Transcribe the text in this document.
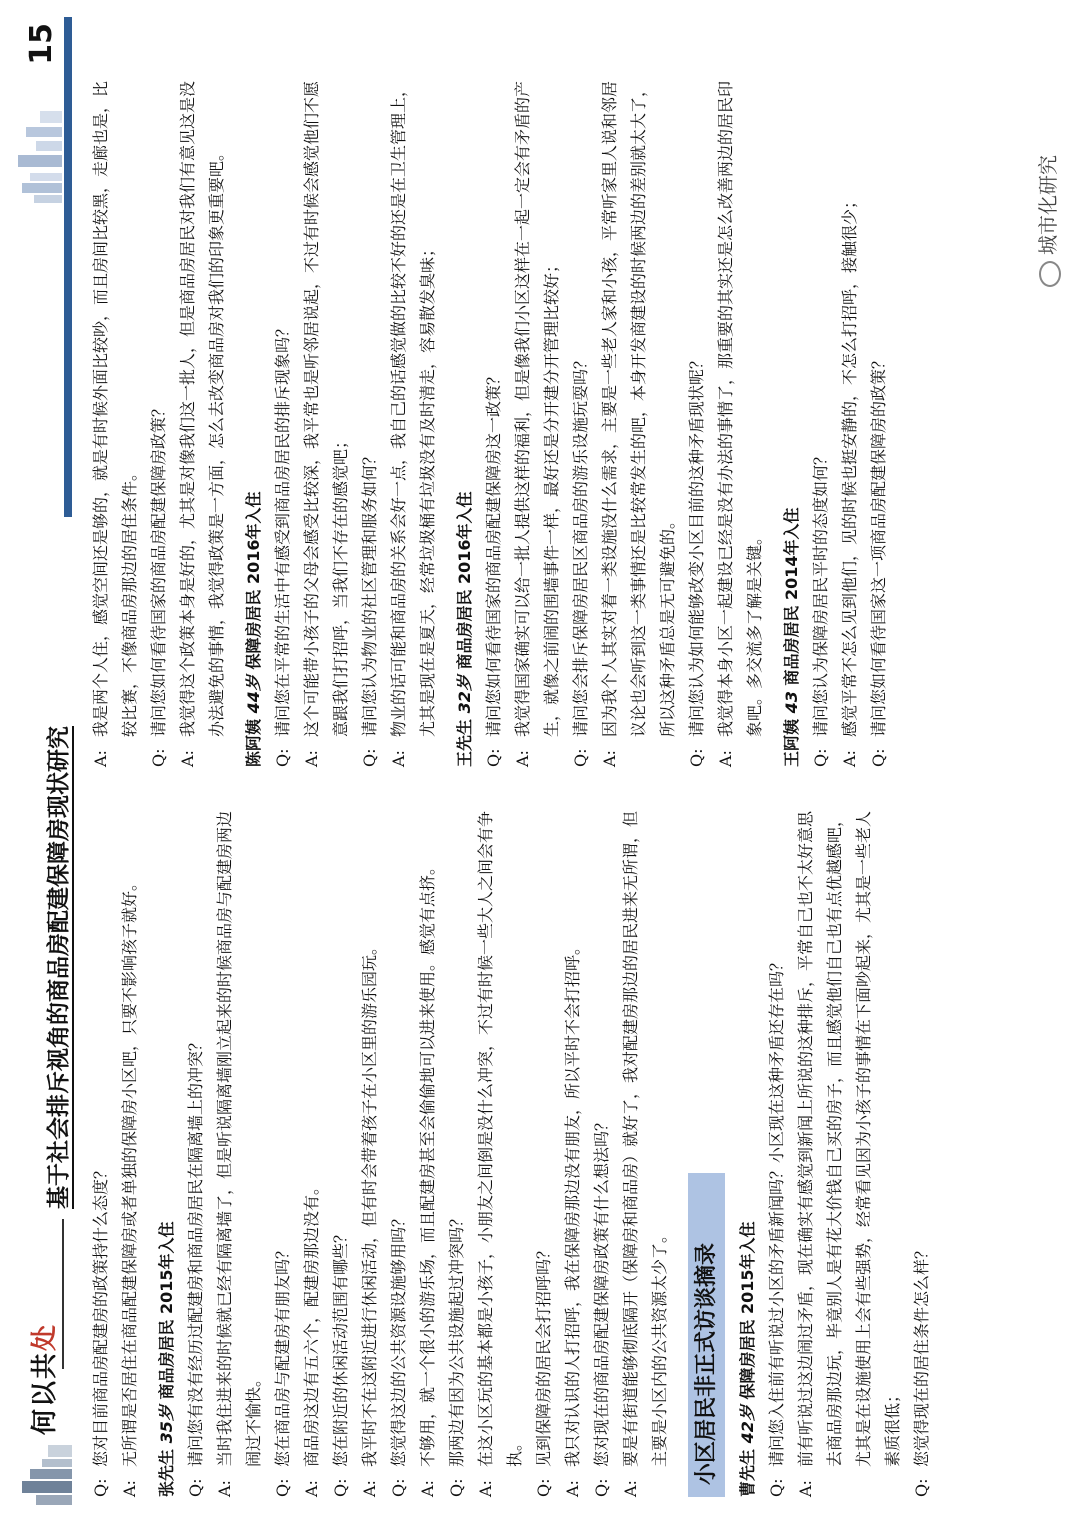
何以共处
基于社会排斥视角的商品房配建保障房现状研究
15
Q:
您对目前商品房配建房的政策持什么态度？
A:
无所谓是否居住在商品配建保障房或者单独的保障房小区吧，只要不影响孩子就好。
张先生 35岁 商品房居民 2015年入住
Q:
请问您有没有经历过配建房和商品房居民在隔离墙上的冲突？
A:
当时我住进来的时候就已经有隔离墙了，但是听说隔离墙刚立起来的时候商品房与配建房两边闹过不愉快。
Q:
您在商品房与配建房有朋友吗？
A:
商品房这边有五六个，配建房那边没有。
Q:
您在附近的休闲活动范围有哪些？
A:
我平时不在这附近进行休闲活动，但有时会带着孩子在小区里的游乐园玩。
Q:
您觉得这边的公共资源设施够用吗？
A:
不够用，就一个很小的游乐场，而且配建房甚至会偷偷地可以进来使用。感觉有点挤。
Q:
那两边有因为公共设施起过冲突吗？
A:
在这小区玩的基本都是小孩子，小朋友之间倒是没什么冲突，不过有时候一些大人之间会有争执。
Q:
见到保障房的居民会打招呼吗？
A:
我只对认识的人打招呼，我在保障房那边没有朋友，所以平时不会打招呼。
Q:
您对现在的商品房配建保障房政策有什么想法吗？
A:
要是有街道能够彻底隔开（保障房和商品房）就好了，我对配建房那边的居民进来无所谓，但主要是小区内的公共资源太少了。 小区居民非正式访谈摘录	曹先生 42岁 保障房居民 2015年入住
Q:
请问您入住前有听说过小区的矛盾新闻吗？小区现在这种矛盾还存在吗？
A:
前有听说过这边闹过矛盾，现在确实有感觉到新闻上所说的这种排斥，平常自己也不太好意思去商品房那边玩，毕竟别人是有花大价钱自己买的房子，而且感觉他们自己也有点优越感吧，尤其是在设施使用上会有些强势，经常看见因为小孩子的事情在下面吵起来，尤其是一些老人素质很低；
Q:
您觉得现在的居住条件怎么样？
A:
我是两个人住，感觉空间还是够的，就是有时候外面比较吵，而且房间比较黑，走廊也是，比较比赛，不像商品房那边的居住条件。
Q:
请问您如何看待国家的商品房配建保障房政策？
A:
我觉得这个政策本身是好的，尤其是对像我们这一批人，但是商品房居民对我们有意见这是没办法避免的事情，我觉得政策是一方面，怎么去改变商品房对我们的印象更重要吧。
陈阿姨 44岁 保障房居民 2016年入住
Q:
请问您在平常的生活中有感受到商品房居民的排斥现象吗？
A:
这个可能带小孩子的父母会感受比较深，我平常也是听邻居说起，不过有时候会感觉他们不愿意跟我们打招呼，当我们不存在的感觉吧；
Q:
请问您认为物业的社区管理和服务如何？
A:
物业的话可能和商品房的关系会好一点，我自己的话感觉做的比较不好的还是在卫生管理上，尤其是现在是夏天，经常垃圾桶有垃圾没有及时清走，容易散发臭味；
王先生 32岁 商品房居民 2016年入住
Q:
请问您如何看待国家的商品房配建保障房这一政策？
A:
我觉得国家确实可以给一批人提供这样的福利，但是像我们小区这样在一起一定会有矛盾的产生，就像之前闹的围墙事件一样，最好还是分开建分开管理比较好；
Q:
请问您会排斥保障房居民区商品房的游乐设施玩耍吗？
A:
因为我个人其实对着一类设施没什么需求，主要是一些老人家和小孩，平常听家里人说和邻居议论也会听到这一类事情还是比较常发生的吧，本身开发商建设的时候两边的差别就太大了，所以这种矛盾总是无可避免的。
Q:
请问您认为如何能够改变小区目前的这种矛盾现状呢？
A:
我觉得本身小区一起建设已经是没有办法的事情了，那重要的其实还是怎么改善两边的居民印象吧。多交流多了解是关键。
王阿姨 43 商品房居民 2014年入住
Q:
请问您认为保障房居民平时的态度如何？
A:
感觉平常不怎么见到他们，见的时候也挺安静的，不怎么打招呼，接触很少；
Q:
请问您如何看待国家这一项商品房配建保障房的政策？
城市化研究
